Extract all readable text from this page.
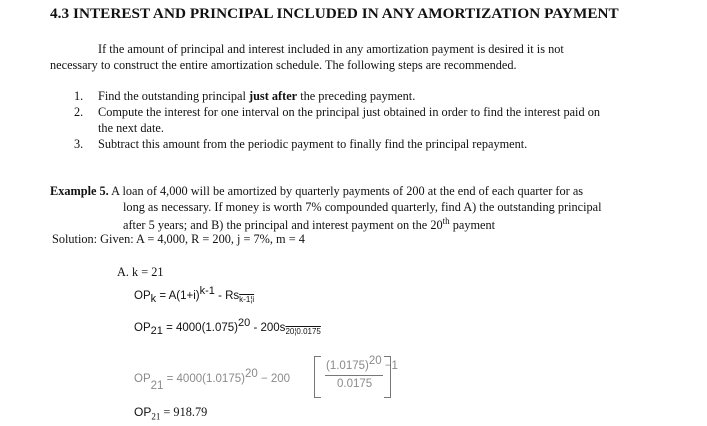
4.3 INTEREST AND PRINCIPAL INCLUDED IN ANY AMORTIZATION PAYMENT
If the amount of principal and interest included in any amortization payment is desired it is not
necessary to construct the entire amortization schedule. The following steps are recommended.
1. Find the outstanding principal just after the preceding payment.
2. Compute the interest for one interval on the principal just obtained in order to find the interest paid on
the next date.
3. Subtract this amount from the periodic payment to finally find the principal repayment.
Example 5. A loan of 4,000 will be amortized by quarterly payments of 200 at the end of each quarter for as
long as necessary. If money is worth 7% compounded quarterly, find A) the outstanding principal
after 5 years; and B) the principal and interest payment on the 20th payment
Solution: Given: A = 4,000, R = 200, j = 7%, m = 4
A. k = 21
$OP_k = A(1+i)^{k-1} - Rs_{k-1¦i}$
$OP_{21} = 4000(1.075)^{20} - 200s_{20¦0.0175}$
$OP_{21} = 4000(1.0175)^{20} - 200$
$(1.0175)^{20} -1$
0.0175
$OP_{21} = 918.79$
